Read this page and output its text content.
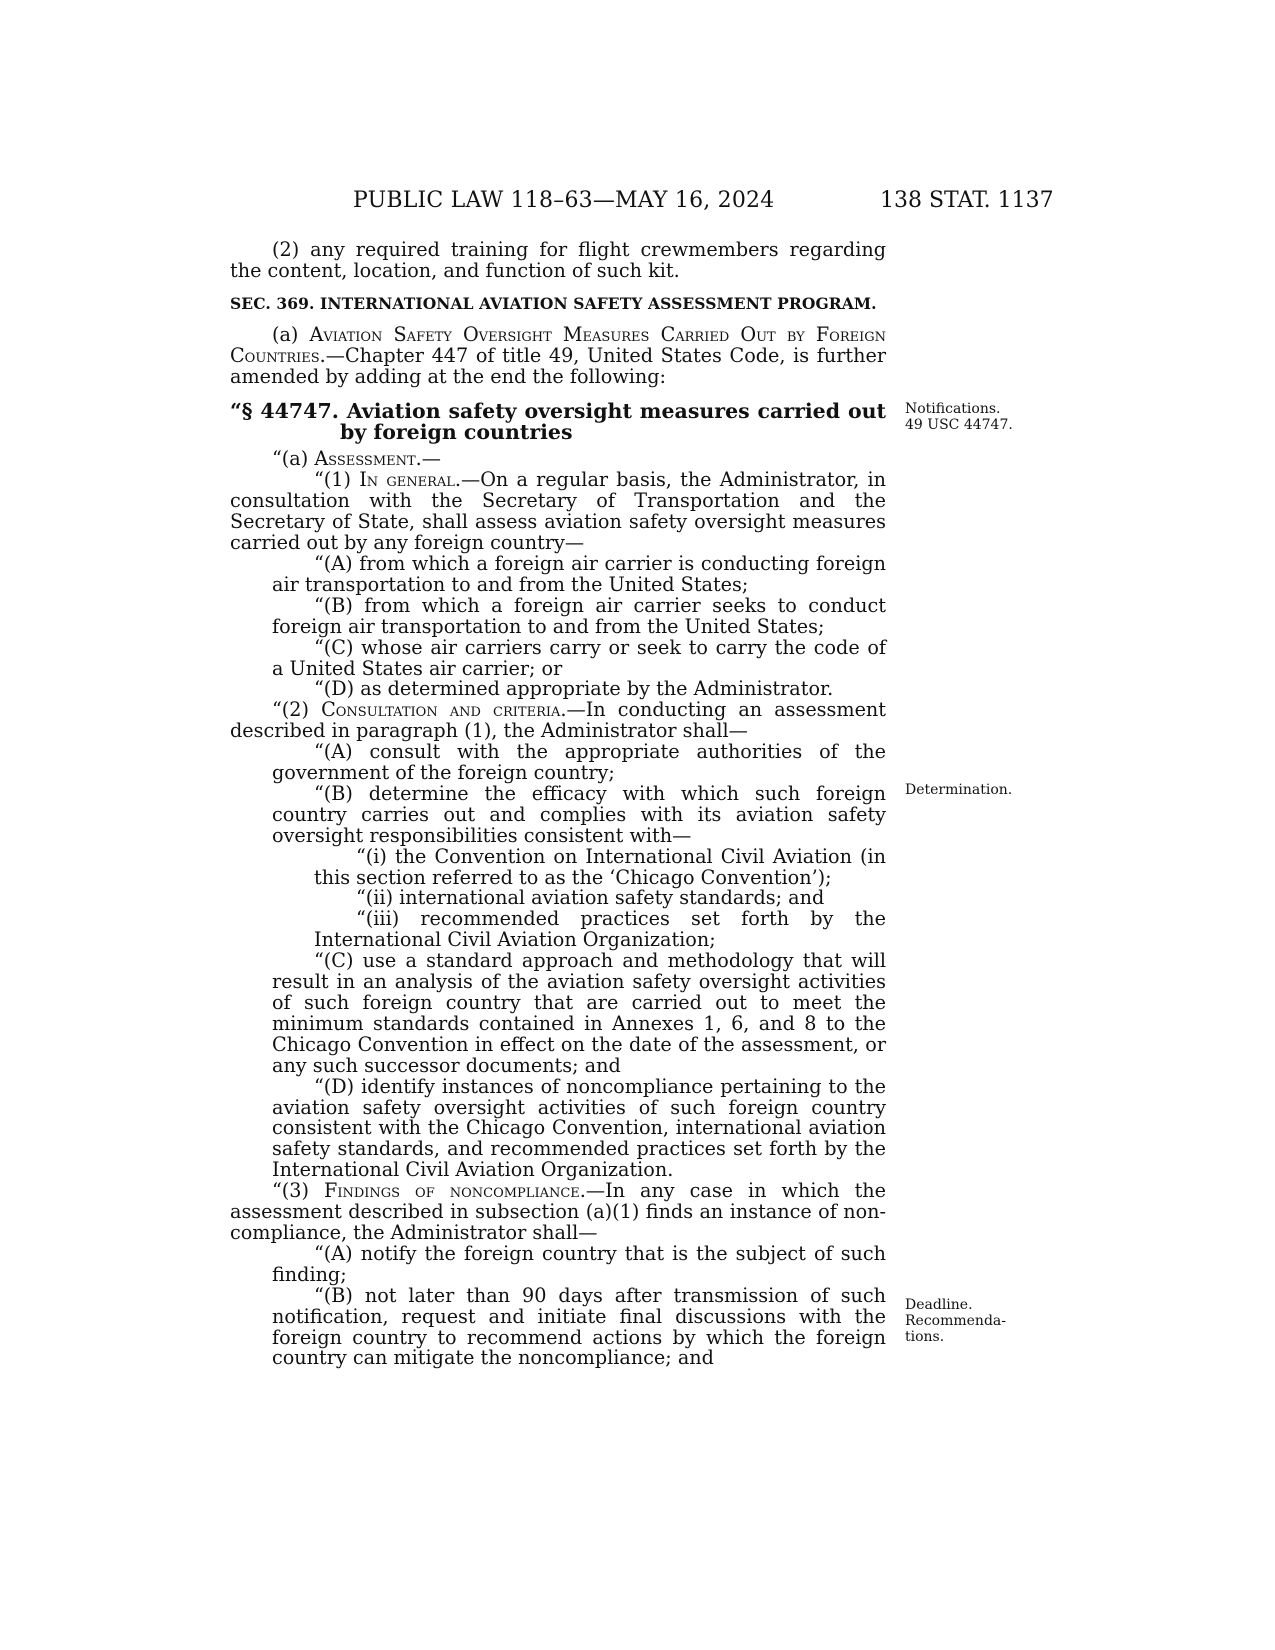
PUBLIC LAW 118–63—MAY 16, 2024	138 STAT. 1137

(2) any required training for flight crewmembers regarding the content, location, and function of such kit.

SEC. 369. INTERNATIONAL AVIATION SAFETY ASSESSMENT PROGRAM.

(a) Aviation Safety Oversight Measures Carried Out by Foreign Countries.—Chapter 447 of title 49, United States Code, is further amended by adding at the end the following:

“§ 44747. Aviation safety oversight measures carried out by foreign countries

“(a) Assessment.—

“(1) In general.—On a regular basis, the Administrator, in consultation with the Secretary of Transportation and the Secretary of State, shall assess aviation safety oversight measures carried out by any foreign country—

“(A) from which a foreign air carrier is conducting foreign air transportation to and from the United States;

“(B) from which a foreign air carrier seeks to conduct foreign air transportation to and from the United States;

“(C) whose air carriers carry or seek to carry the code of a United States air carrier; or

“(D) as determined appropriate by the Administrator.

“(2) Consultation and criteria.—In conducting an assessment described in paragraph (1), the Administrator shall—

“(A) consult with the appropriate authorities of the government of the foreign country;

“(B) determine the efficacy with which such foreign country carries out and complies with its aviation safety oversight responsibilities consistent with—

“(i) the Convention on International Civil Aviation (in this section referred to as the ‘Chicago Convention’);

“(ii) international aviation safety standards; and

“(iii) recommended practices set forth by the International Civil Aviation Organization;

“(C) use a standard approach and methodology that will result in an analysis of the aviation safety oversight activities of such foreign country that are carried out to meet the minimum standards contained in Annexes 1, 6, and 8 to the Chicago Convention in effect on the date of the assessment, or any such successor documents; and

“(D) identify instances of noncompliance pertaining to the aviation safety oversight activities of such foreign country consistent with the Chicago Convention, international aviation safety standards, and recommended practices set forth by the International Civil Aviation Organization.

“(3) Findings of noncompliance.—In any case in which the assessment described in subsection (a)(1) finds an instance of non-compliance, the Administrator shall—

“(A) notify the foreign country that is the subject of such finding;

“(B) not later than 90 days after transmission of such notification, request and initiate final discussions with the foreign country to recommend actions by which the foreign country can mitigate the noncompliance; and

Notifications.
49 USC 44747.
Determination.
Deadline.
Recommenda-
tions.
